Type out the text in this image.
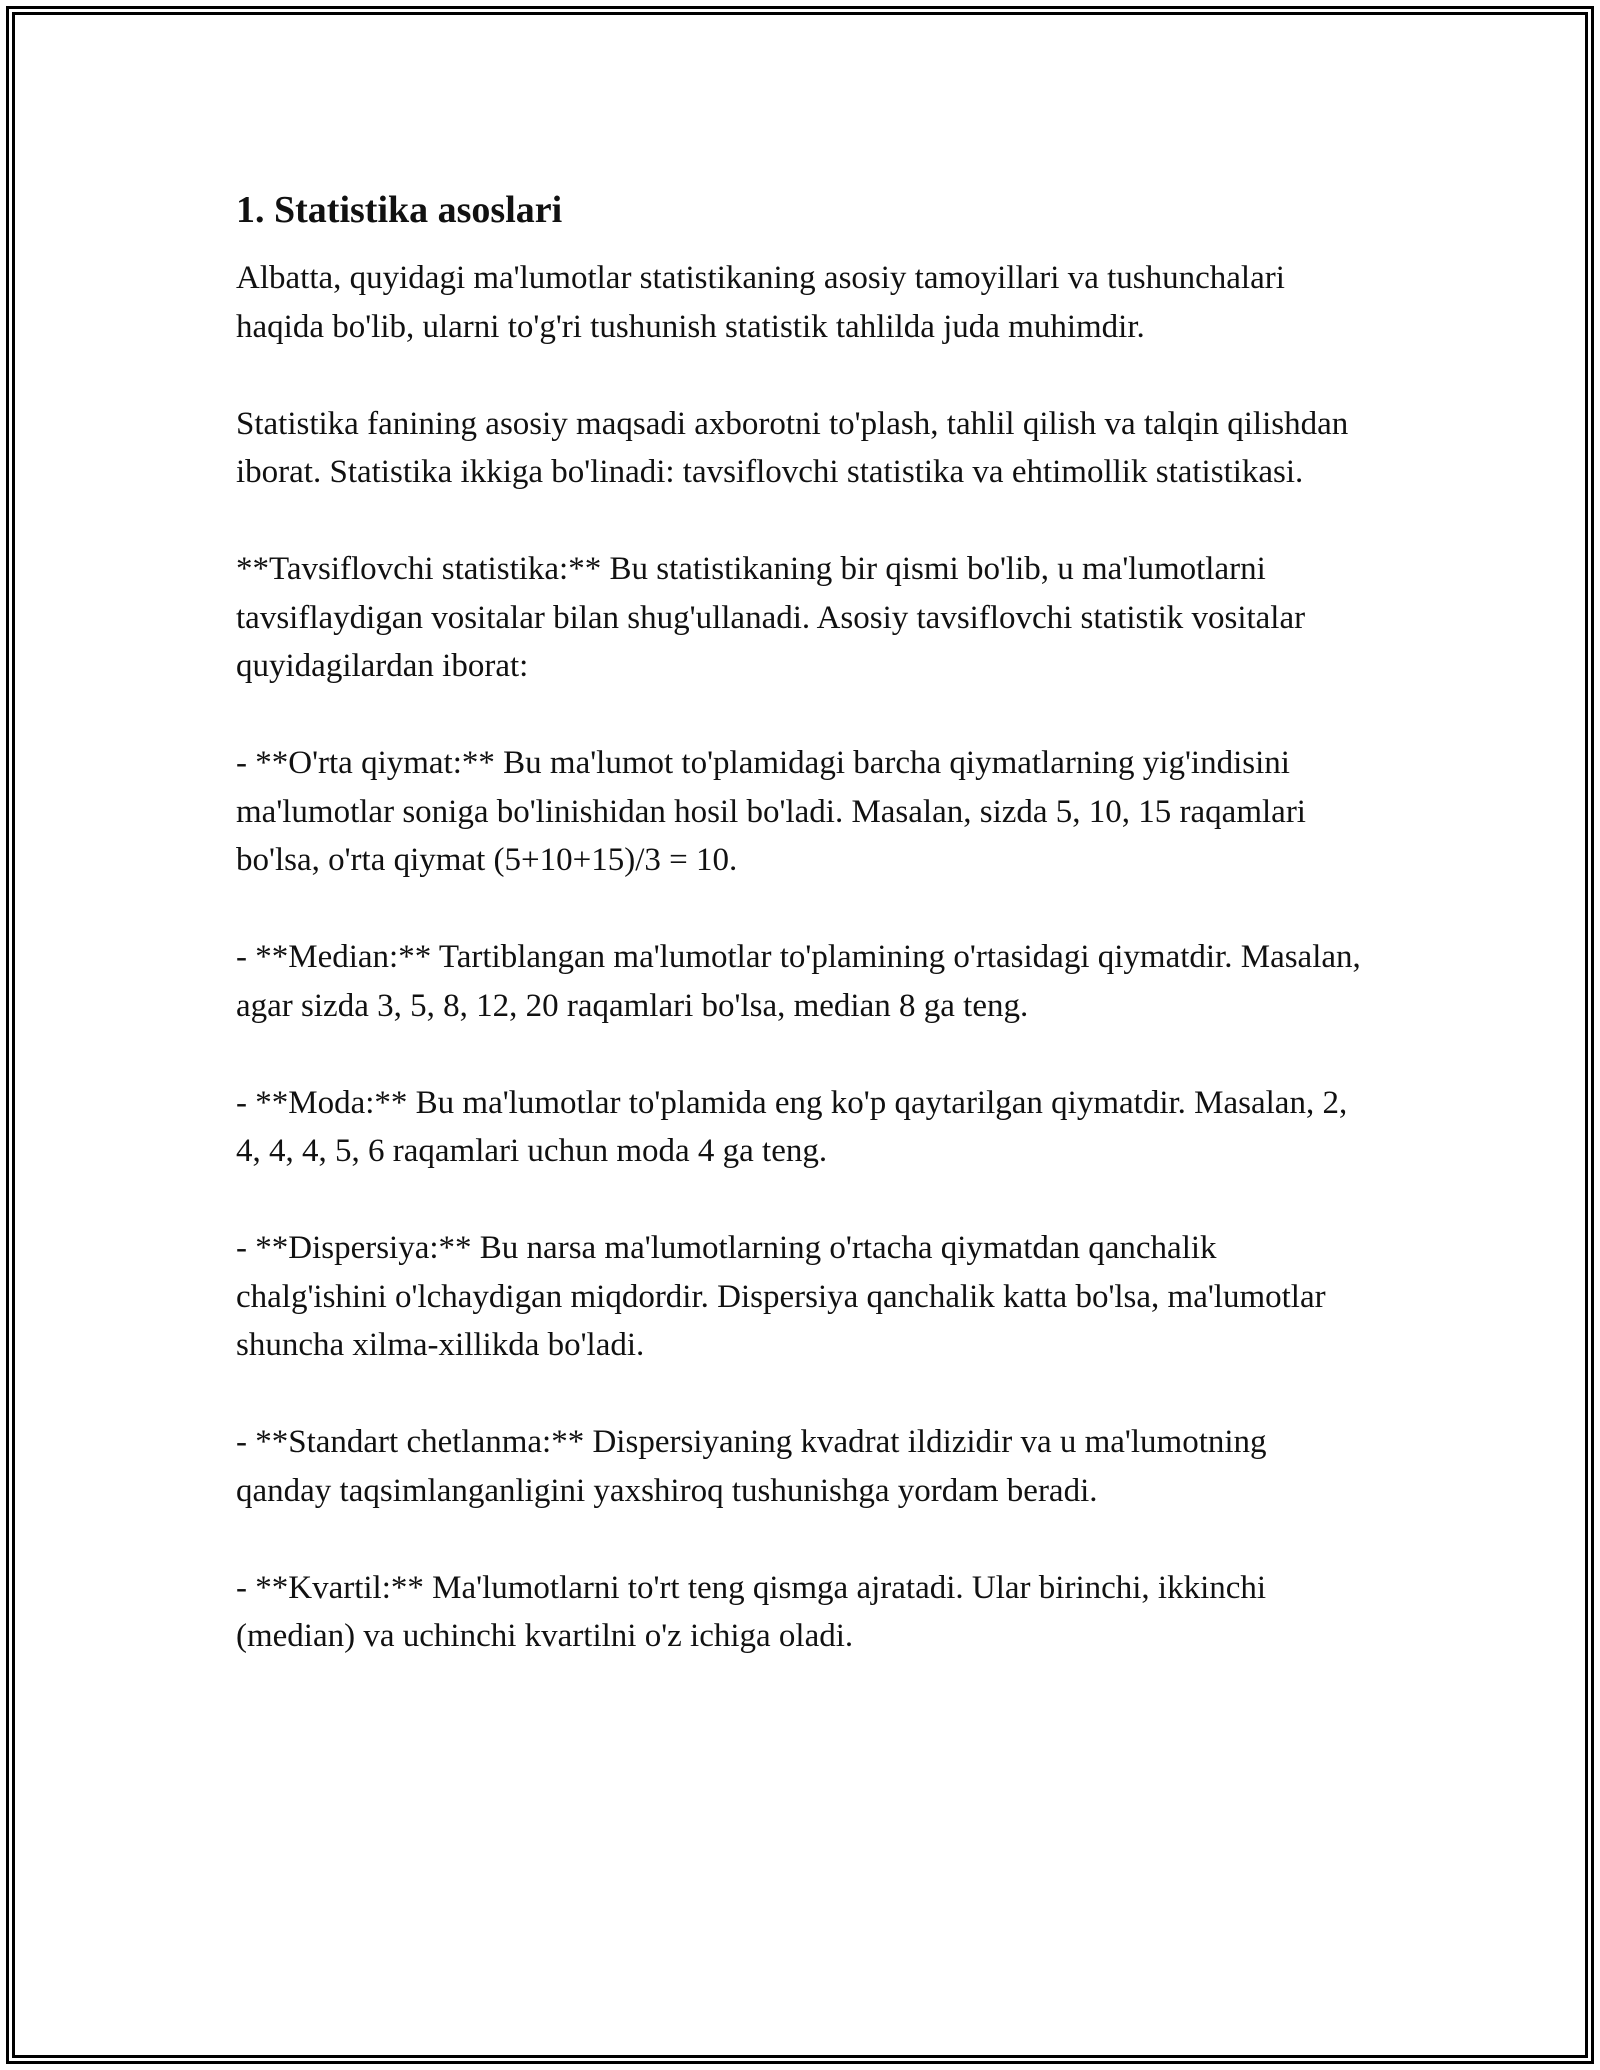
1. Statistika asoslari

Albatta, quyidagi ma'lumotlar statistikaning asosiy tamoyillari va tushunchalari haqida bo'lib, ularni to'g'ri tushunish statistik tahlilda juda muhimdir.

Statistika fanining asosiy maqsadi axborotni to'plash, tahlil qilish va talqin qilishdan iborat. Statistika ikkiga bo'linadi: tavsiflovchi statistika va ehtimollik statistikasi.

**Tavsiflovchi statistika:** Bu statistikaning bir qismi bo'lib, u ma'lumotlarni tavsiflaydigan vositalar bilan shug'ullanadi. Asosiy tavsiflovchi statistik vositalar quyidagilardan iborat:

- **O'rta qiymat:** Bu ma'lumot to'plamidagi barcha qiymatlarning yig'indisini ma'lumotlar soniga bo'linishidan hosil bo'ladi. Masalan, sizda 5, 10, 15 raqamlari bo'lsa, o'rta qiymat (5+10+15)/3 = 10.

- **Median:** Tartiblangan ma'lumotlar to'plamining o'rtasidagi qiymatdir. Masalan, agar sizda 3, 5, 8, 12, 20 raqamlari bo'lsa, median 8 ga teng.

- **Moda:** Bu ma'lumotlar to'plamida eng ko'p qaytarilgan qiymatdir. Masalan, 2, 4, 4, 4, 5, 6 raqamlari uchun moda 4 ga teng.

- **Dispersiya:** Bu narsa ma'lumotlarning o'rtacha qiymatdan qanchalik chalg'ishini o'lchaydigan miqdordir. Dispersiya qanchalik katta bo'lsa, ma'lumotlar shuncha xilma-xillikda bo'ladi.

- **Standart chetlanma:** Dispersiyaning kvadrat ildizidir va u ma'lumotning qanday taqsimlanganligini yaxshiroq tushunishga yordam beradi.

- **Kvartil:** Ma'lumotlarni to'rt teng qismga ajratadi. Ular birinchi, ikkinchi (median) va uchinchi kvartilni o'z ichiga oladi.
